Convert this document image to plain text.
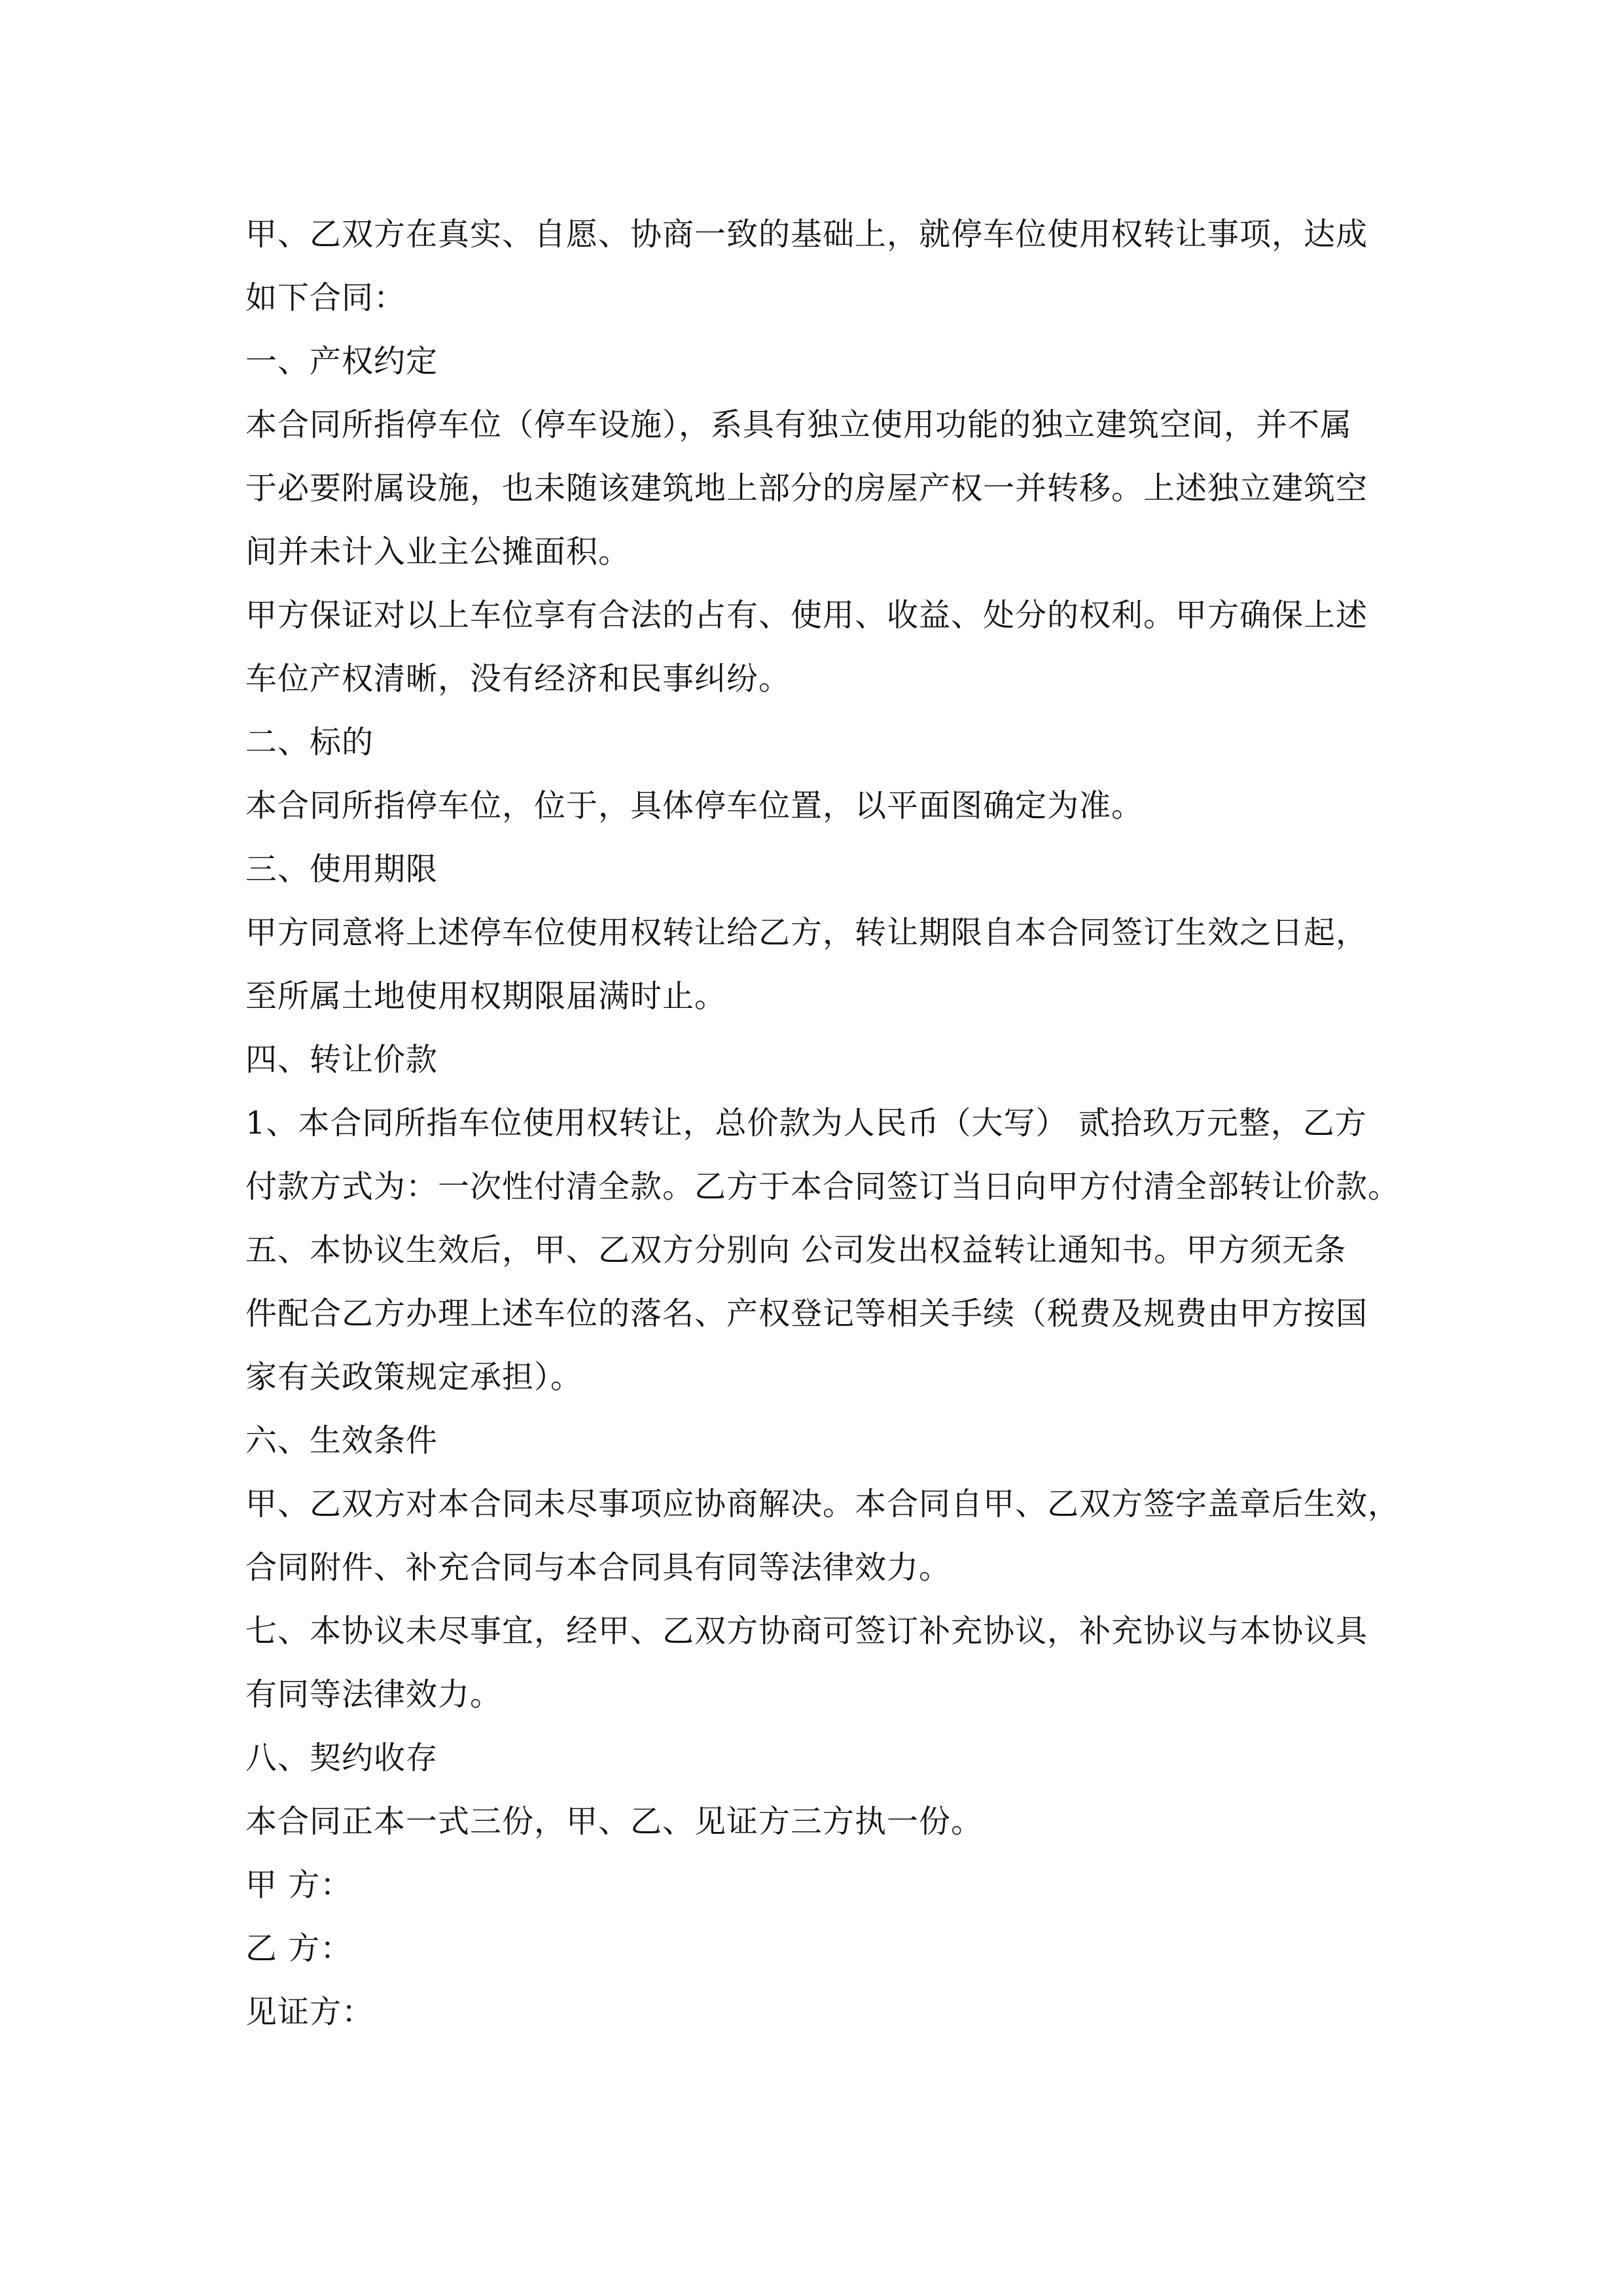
甲、乙双方在真实、自愿、协商一致的基础上，就停车位使用权转让事项，达成
如下合同：
一、产权约定
本合同所指停车位（停车设施），系具有独立使用功能的独立建筑空间，并不属
于必要附属设施，也未随该建筑地上部分的房屋产权一并转移。上述独立建筑空
间并未计入业主公摊面积。
甲方保证对以上车位享有合法的占有、使用、收益、处分的权利。甲方确保上述
车位产权清晰，没有经济和民事纠纷。
二、标的
本合同所指停车位，位于，具体停车位置，以平面图确定为准。
三、使用期限
甲方同意将上述停车位使用权转让给乙方，转让期限自本合同签订生效之日起，
至所属土地使用权期限届满时止。
四、转让价款
1、本合同所指车位使用权转让，总价款为人民币（大写） 贰拾玖万元整，乙方
付款方式为：一次性付清全款。乙方于本合同签订当日向甲方付清全部转让价款。
五、本协议生效后，甲、乙双方分别向 公司发出权益转让通知书。甲方须无条
件配合乙方办理上述车位的落名、产权登记等相关手续（税费及规费由甲方按国
家有关政策规定承担）。
六、生效条件
甲、乙双方对本合同未尽事项应协商解决。本合同自甲、乙双方签字盖章后生效，
合同附件、补充合同与本合同具有同等法律效力。
七、本协议未尽事宜，经甲、乙双方协商可签订补充协议，补充协议与本协议具
有同等法律效力。
八、契约收存
本合同正本一式三份，甲、乙、见证方三方执一份。
甲 方：
乙 方：
见证方：
